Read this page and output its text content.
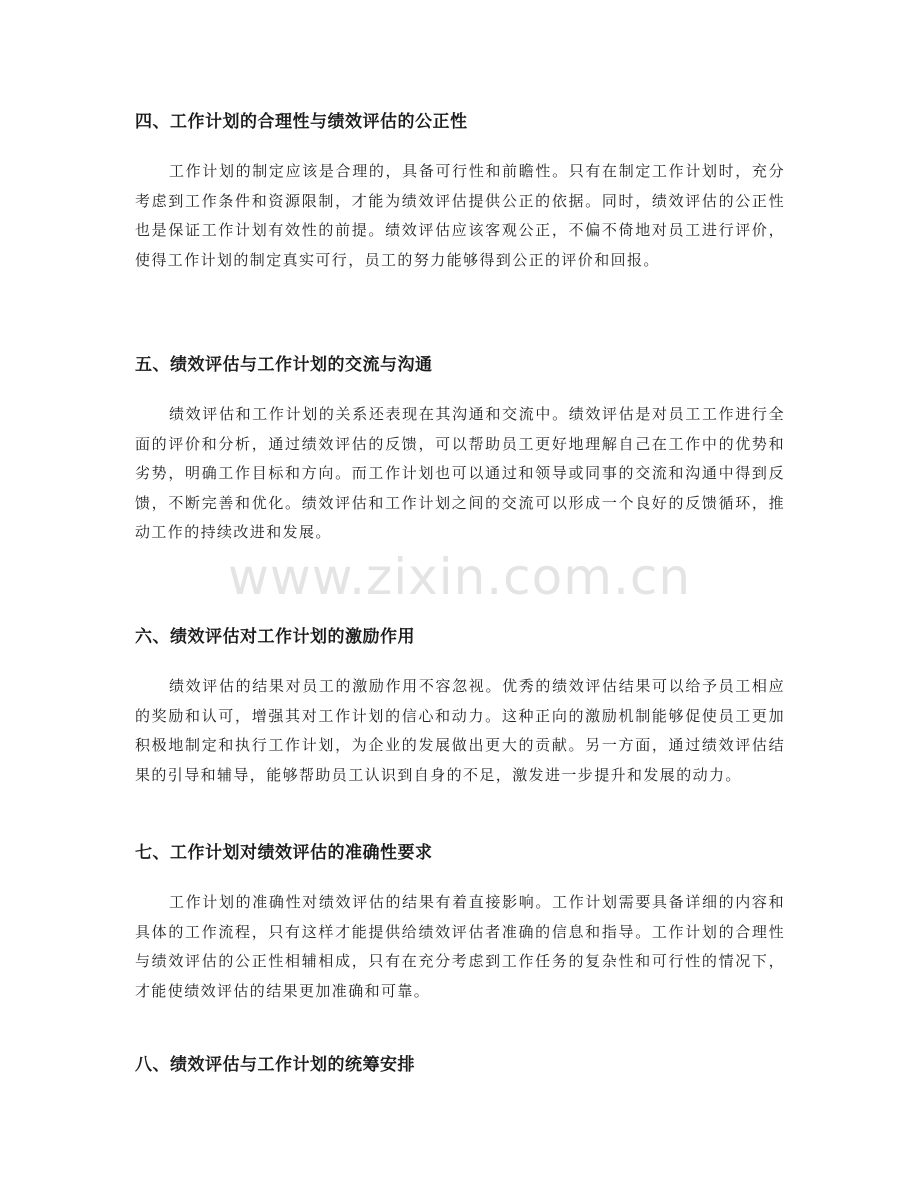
www.zixin.com.cn
四、工作计划的合理性与绩效评估的公正性

工作计划的制定应该是合理的，具备可行性和前瞻性。只有在制定工作计划时，充分考虑到工作条件和资源限制，才能为绩效评估提供公正的依据。同时，绩效评估的公正性也是保证工作计划有效性的前提。绩效评估应该客观公正，不偏不倚地对员工进行评价，使得工作计划的制定真实可行，员工的努力能够得到公正的评价和回报。

五、绩效评估与工作计划的交流与沟通

绩效评估和工作计划的关系还表现在其沟通和交流中。绩效评估是对员工工作进行全面的评价和分析，通过绩效评估的反馈，可以帮助员工更好地理解自己在工作中的优势和劣势，明确工作目标和方向。而工作计划也可以通过和领导或同事的交流和沟通中得到反馈，不断完善和优化。绩效评估和工作计划之间的交流可以形成一个良好的反馈循环，推动工作的持续改进和发展。

六、绩效评估对工作计划的激励作用

绩效评估的结果对员工的激励作用不容忽视。优秀的绩效评估结果可以给予员工相应的奖励和认可，增强其对工作计划的信心和动力。这种正向的激励机制能够促使员工更加积极地制定和执行工作计划，为企业的发展做出更大的贡献。另一方面，通过绩效评估结果的引导和辅导，能够帮助员工认识到自身的不足，激发进一步提升和发展的动力。

七、工作计划对绩效评估的准确性要求

工作计划的准确性对绩效评估的结果有着直接影响。工作计划需要具备详细的内容和具体的工作流程，只有这样才能提供给绩效评估者准确的信息和指导。工作计划的合理性与绩效评估的公正性相辅相成，只有在充分考虑到工作任务的复杂性和可行性的情况下，才能使绩效评估的结果更加准确和可靠。

八、绩效评估与工作计划的统筹安排
